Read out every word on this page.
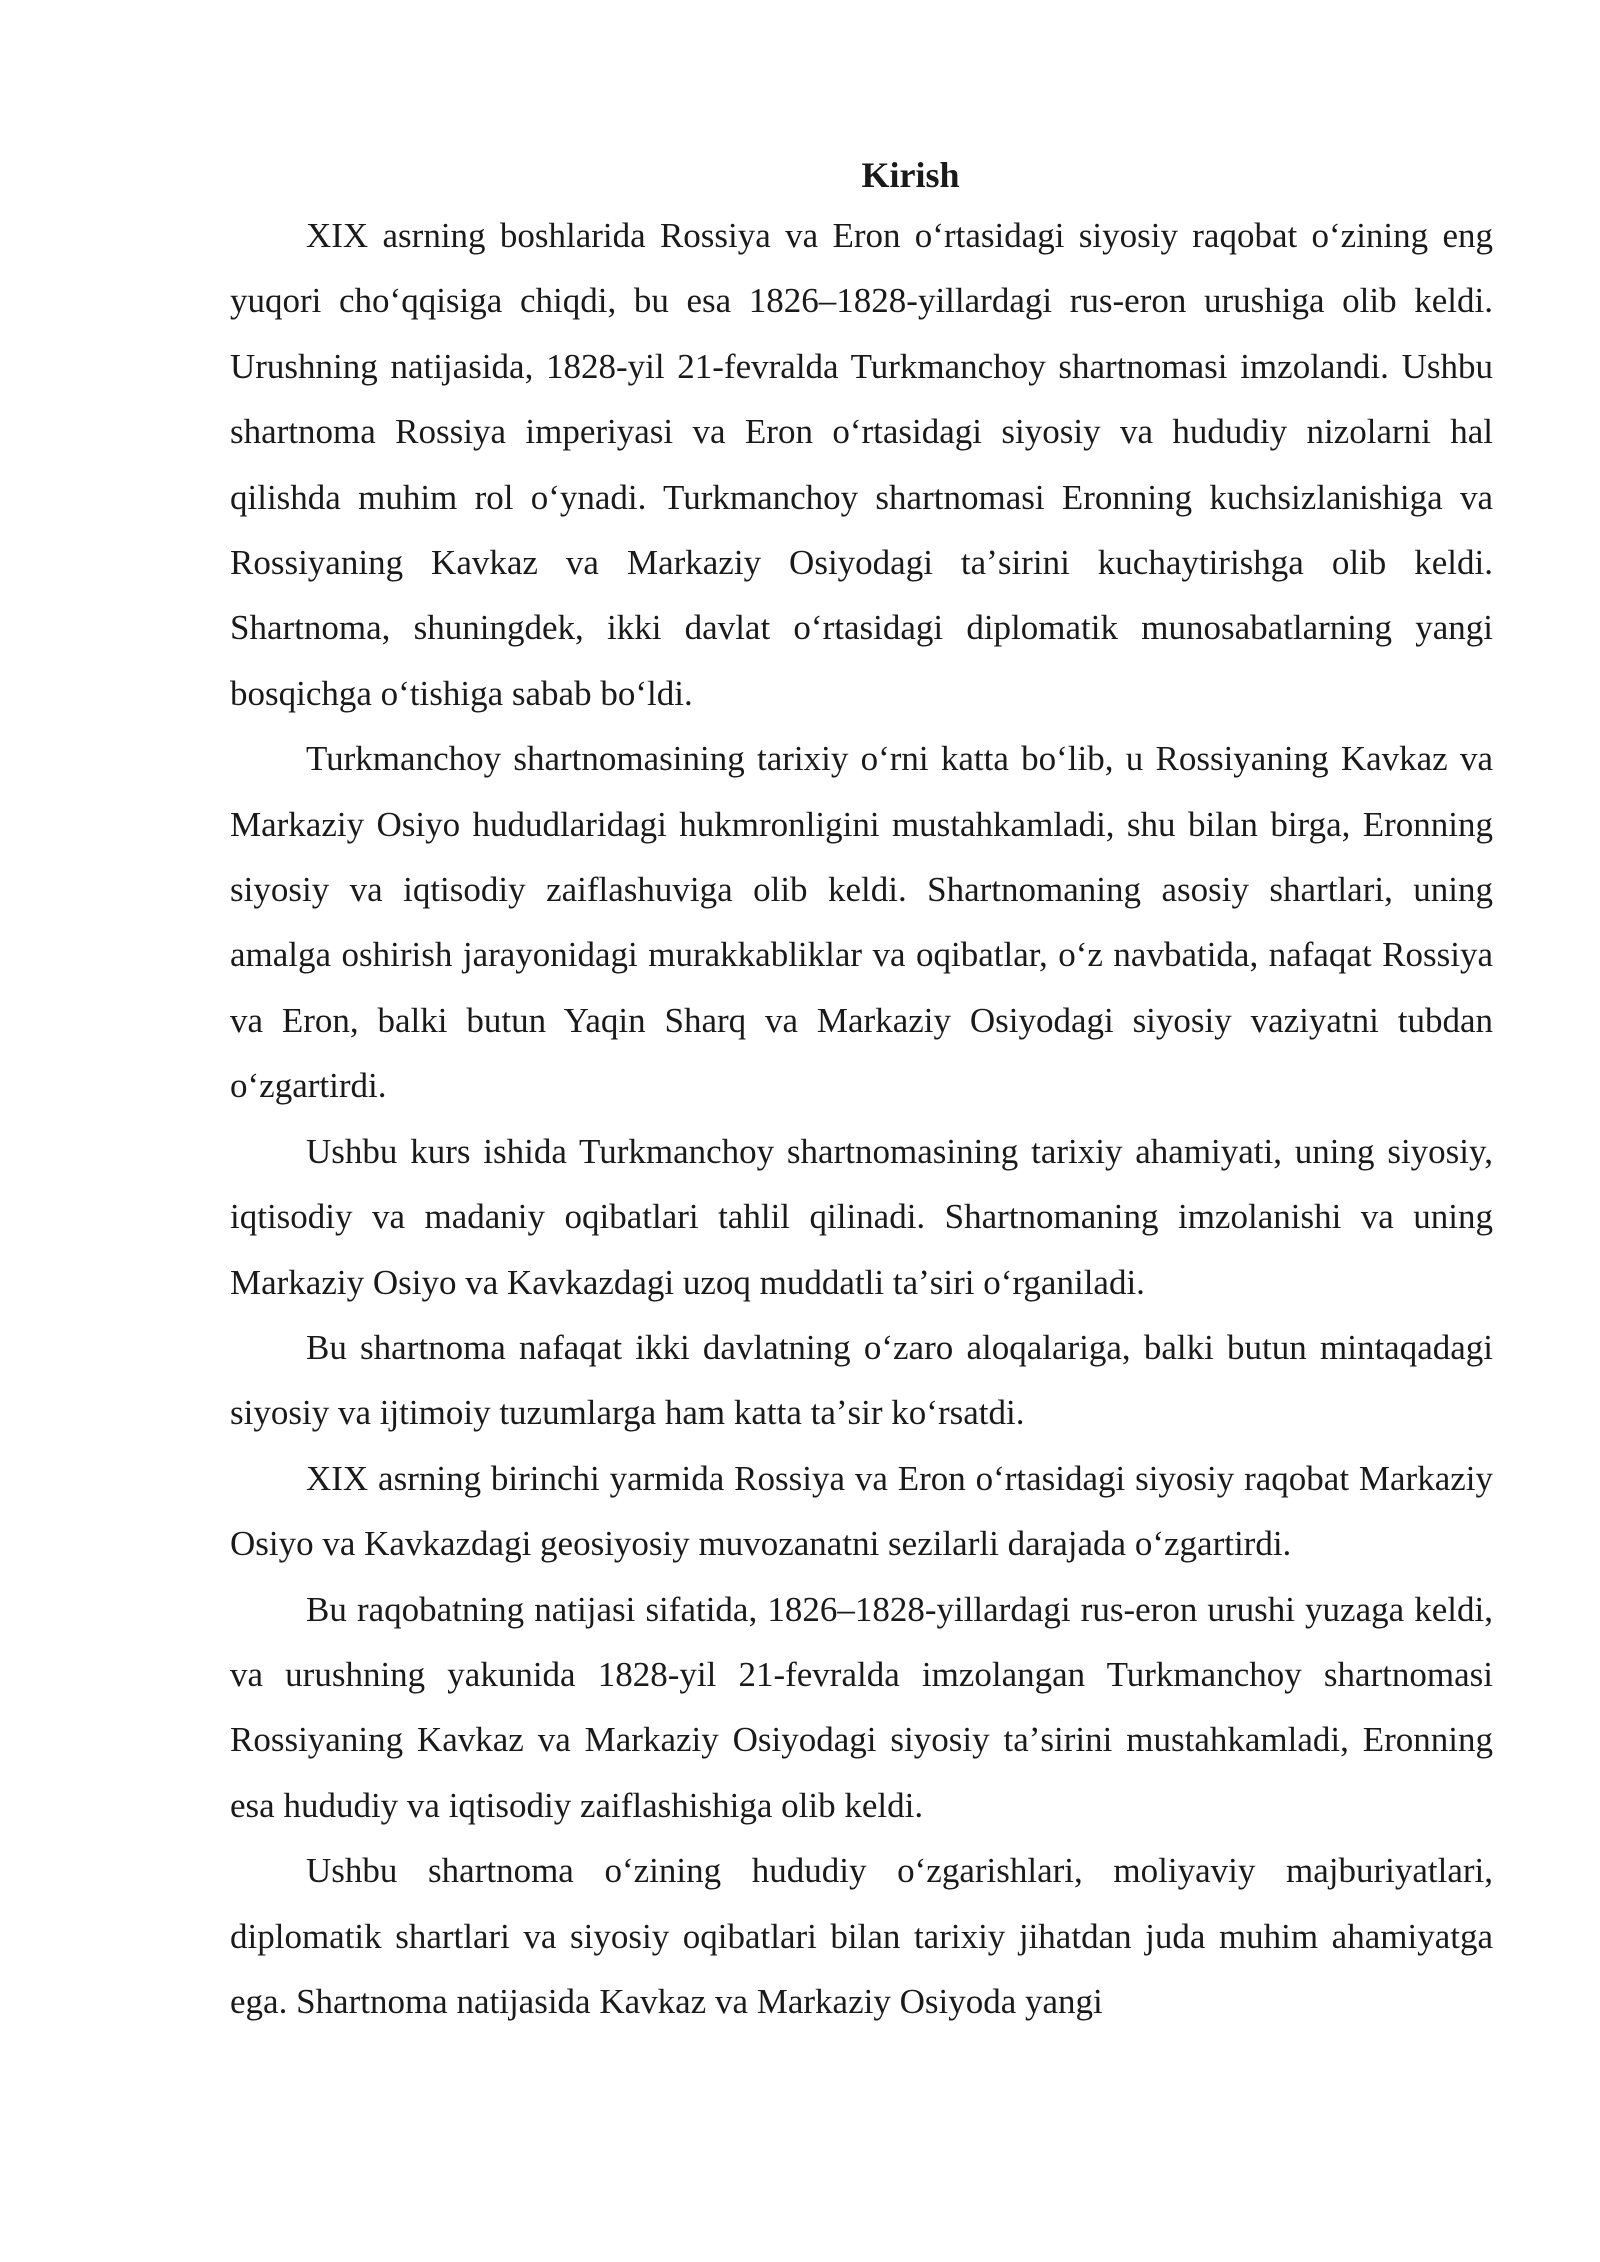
Kirish

XIX asrning boshlarida Rossiya va Eron oʻrtasidagi siyosiy raqobat oʻzining eng yuqori choʻqqisiga chiqdi, bu esa 1826–1828-yillardagi rus-eron urushiga olib keldi. Urushning natijasida, 1828-yil 21-fevralda Turkmanchoy shartnomasi imzolandi. Ushbu shartnoma Rossiya imperiyasi va Eron oʻrtasidagi siyosiy va hududiy nizolarni hal qilishda muhim rol oʻynadi. Turkmanchoy shartnomasi Eronning kuchsizlanishiga va Rossiyaning Kavkaz va Markaziy Osiyodagi taʼsirini kuchaytirishga olib keldi. Shartnoma, shuningdek, ikki davlat oʻrtasidagi diplomatik munosabatlarning yangi bosqichga oʻtishiga sabab boʻldi.

Turkmanchoy shartnomasining tarixiy oʻrni katta boʻlib, u Rossiyaning Kavkaz va Markaziy Osiyo hududlaridagi hukmronligini mustahkamladi, shu bilan birga, Eronning siyosiy va iqtisodiy zaiflashuviga olib keldi. Shartnomaning asosiy shartlari, uning amalga oshirish jarayonidagi murakkabliklar va oqibatlar, oʻz navbatida, nafaqat Rossiya va Eron, balki butun Yaqin Sharq va Markaziy Osiyodagi siyosiy vaziyatni tubdan oʻzgartirdi.

Ushbu kurs ishida Turkmanchoy shartnomasining tarixiy ahamiyati, uning siyosiy, iqtisodiy va madaniy oqibatlari tahlil qilinadi. Shartnomaning imzolanishi va uning Markaziy Osiyo va Kavkazdagi uzoq muddatli taʼsiri oʻrganiladi.

Bu shartnoma nafaqat ikki davlatning oʻzaro aloqalariga, balki butun mintaqadagi siyosiy va ijtimoiy tuzumlarga ham katta taʼsir koʻrsatdi.

XIX asrning birinchi yarmida Rossiya va Eron oʻrtasidagi siyosiy raqobat Markaziy Osiyo va Kavkazdagi geosiyosiy muvozanatni sezilarli darajada oʻzgartirdi.

Bu raqobatning natijasi sifatida, 1826–1828-yillardagi rus-eron urushi yuzaga keldi, va urushning yakunida 1828-yil 21-fevralda imzolangan Turkmanchoy shartnomasi Rossiyaning Kavkaz va Markaziy Osiyodagi siyosiy taʼsirini mustahkamladi, Eronning esa hududiy va iqtisodiy zaiflashishiga olib keldi.

Ushbu shartnoma oʻzining hududiy oʻzgarishlari, moliyaviy majburiyatlari, diplomatik shartlari va siyosiy oqibatlari bilan tarixiy jihatdan juda muhim ahamiyatga ega. Shartnoma natijasida Kavkaz va Markaziy Osiyoda yangi
